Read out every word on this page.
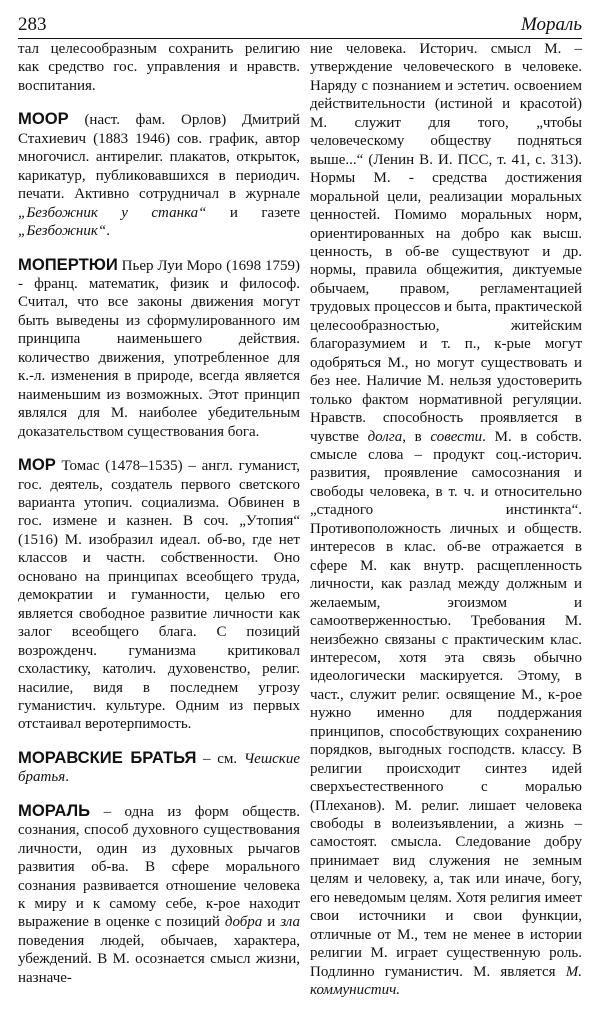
283	Мораль

тал целесообразным сохранить религию как средство гос. управления и нравств. воспитания.

МООР (наст. фам. Орлов) Дмитрий Стахиевич (1883 1946) сов. график, автор многочисл. антирелиг. плакатов, открыток, карикатур, публиковавшихся в периодич. печати. Активно сотрудничал в журнале „Безбожник у станка“ и газете „Безбожник“.

МОПЕРТЮИ Пьер Луи Моро (1698 1759) - франц. математик, физик и философ. Считал, что все законы движения могут быть выведены из сформулированного им принципа наименьшего действия. количество движения, употребленное для к.-л. изменения в природе, всегда является наименьшим из возможных. Этот принцип являлся для М. наиболее убедительным доказательством существования бога.

МОР Томас (1478–1535) – англ. гуманист, гос. деятель, создатель первого светского варианта утопич. социализма. Обвинен в гос. измене и казнен. В соч. „Утопия“ (1516) М. изобразил идеал. об-во, где нет классов и частн. собственности. Оно основано на принципах всеобщего труда, демократии и гуманности, целью его является свободное развитие личности как залог всеобщего блага. С позиций возрожденч. гуманизма критиковал схоластику, католич. духовенство, религ. насилие, видя в последнем угрозу гуманистич. культуре. Одним из первых отстаивал веротерпимость.

МОРАВСКИЕ БРАТЬЯ – см. Чешские братья.

МОРАЛЬ – одна из форм обществ. сознания, способ духовного существования личности, один из духовных рычагов развития об-ва. В сфере морального сознания развивается отношение человека к миру и к самому себе, к-рое находит выражение в оценке с позиций добра и зла поведения людей, обычаев, характера, убеждений. В М. осознается смысл жизни, назначе-

ние человека. Историч. смысл М. – утверждение человеческого в человеке. Наряду с познанием и эстетич. освоением действительности (истиной и красотой) М. служит для того, „чтобы человеческому обществу подняться выше...“ (Ленин В. И. ПСС, т. 41, с. 313). Нормы М. - средства достижения моральной цели, реализации моральных ценностей. Помимо моральных норм, ориентированных на добро как высш. ценность, в об-ве существуют и др. нормы, правила общежития, диктуемые обычаем, правом, регламентацией трудовых процессов и быта, практической целесообразностью, житейским благоразумием и т. п., к-рые могут одобряться М., но могут существовать и без нее. Наличие М. нельзя удостоверить только фактом нормативной регуляции. Нравств. способность проявляется в чувстве долга, в совести. М. в собств. смысле слова – продукт соц.-историч. развития, проявление самосознания и свободы человека, в т. ч. и относительно „стадного инстинкта“. Противоположность личных и обществ. интересов в клас. об-ве отражается в сфере М. как внутр. расщепленность личности, как разлад между должным и желаемым, эгоизмом и самоотверженностью. Требования М. неизбежно связаны с практическим клас. интересом, хотя эта связь обычно идеологически маскируется. Этому, в част., служит религ. освящение М., к-рое нужно именно для поддержания принципов, способствующих сохранению порядков, выгодных господств. классу. В религии происходит синтез идей сверхъестественного с моралью (Плеханов). М. религ. лишает человека свободы в волеизъявлении, а жизнь – самостоят. смысла. Следование добру принимает вид служения не земным целям и человеку, а, так или иначе, богу, его неведомым целям. Хотя религия имеет свои источники и свои функции, отличные от М., тем не менее в истории религии М. играет существенную роль. Подлинно гуманистич. М. является М. коммунистич.
